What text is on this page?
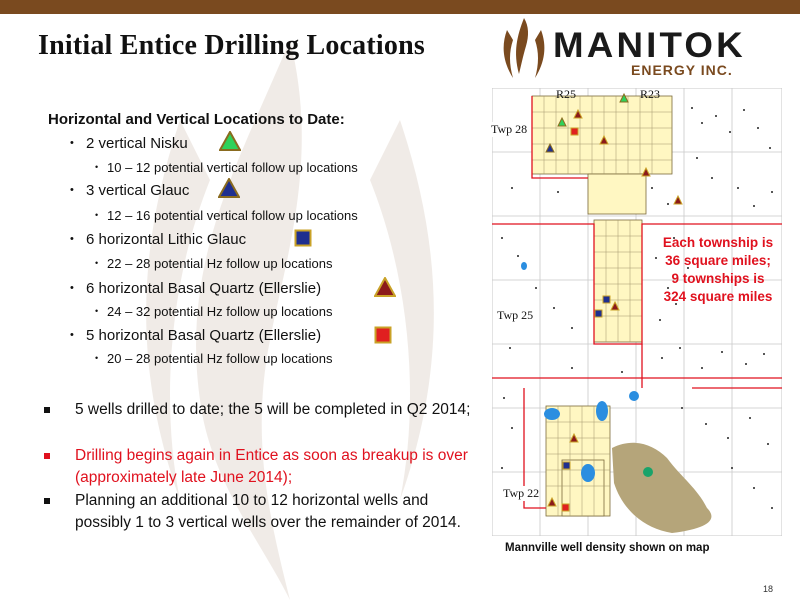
Initial Entice Drilling Locations	MANITOK
ENERGY INC.
Horizontal and Vertical Locations to Date:
• 2 vertical Nisku
• 10 – 12 potential vertical follow up locations
• 3 vertical Glauc
• 12 – 16 potential vertical follow up locations
• 6 horizontal Lithic Glauc
• 22 – 28 potential Hz follow up locations
• 6 horizontal Basal Quartz (Ellerslie)
• 24 – 32 potential Hz follow up locations
• 5 horizontal Basal Quartz (Ellerslie)
• 20 – 28 potential Hz follow up locations
5 wells drilled to date; the 5 will be completed in Q2 2014;
Drilling begins again in Entice as soon as breakup is over (approximately late June 2014);
Planning an additional 10 to 12 horizontal wells and possibly 1 to 3 vertical wells over the remainder of 2014.
R25	R23
Twp 28
Twp 25
Twp 22
Each township is
36 square miles;
9 townships is
324 square miles
Mannville well density shown on map
18
